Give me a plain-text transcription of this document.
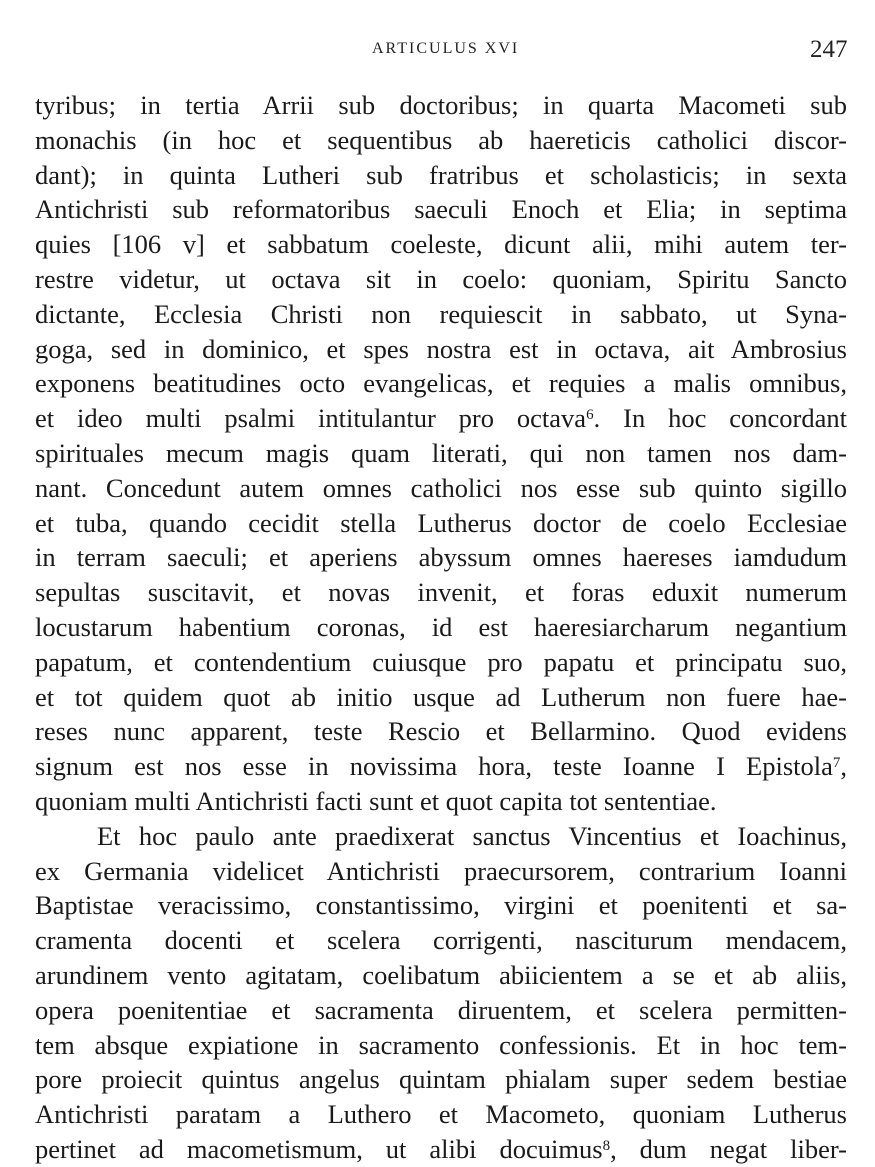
ARTICULUS XVI	247
tyribus; in tertia Arrii sub doctoribus; in quarta Macometi sub
monachis (in hoc et sequentibus ab haereticis catholici discor-
dant); in quinta Lutheri sub fratribus et scholasticis; in sexta
Antichristi sub reformatoribus saeculi Enoch et Elia; in septima
quies [106 v] et sabbatum coeleste, dicunt alii, mihi autem ter-
restre videtur, ut octava sit in coelo: quoniam, Spiritu Sancto
dictante, Ecclesia Christi non requiescit in sabbato, ut Syna-
goga, sed in dominico, et spes nostra est in octava, ait Ambrosius
exponens beatitudines octo evangelicas, et requies a malis omnibus,
et ideo multi psalmi intitulantur pro octava$^6$. In hoc concordant
spirituales mecum magis quam literati, qui non tamen nos dam-
nant. Concedunt autem omnes catholici nos esse sub quinto sigillo
et tuba, quando cecidit stella Lutherus doctor de coelo Ecclesiae
in terram saeculi; et aperiens abyssum omnes haereses iamdudum
sepultas suscitavit, et novas invenit, et foras eduxit numerum
locustarum habentium coronas, id est haeresiarcharum negantium
papatum, et contendentium cuiusque pro papatu et principatu suo,
et tot quidem quot ab initio usque ad Lutherum non fuere hae-
reses nunc apparent, teste Rescio et Bellarmino. Quod evidens
signum est nos esse in novissima hora, teste Ioanne I Epistola$^7$,
quoniam multi Antichristi facti sunt et quot capita tot sententiae.
Et hoc paulo ante praedixerat sanctus Vincentius et Ioachinus,
ex Germania videlicet Antichristi praecursorem, contrarium Ioanni
Baptistae veracissimo, constantissimo, virgini et poenitenti et sa-
cramenta docenti et scelera corrigenti, nasciturum mendacem,
arundinem vento agitatam, coelibatum abiicientem a se et ab aliis,
opera poenitentiae et sacramenta diruentem, et scelera permitten-
tem absque expiatione in sacramento confessionis. Et in hoc tem-
pore proiecit quintus angelus quintam phialam super sedem bestiae
Antichristi paratam a Luthero et Macometo, quoniam Lutherus
pertinet ad macometismum, ut alibi docuimus$^8$, dum negat liber-
